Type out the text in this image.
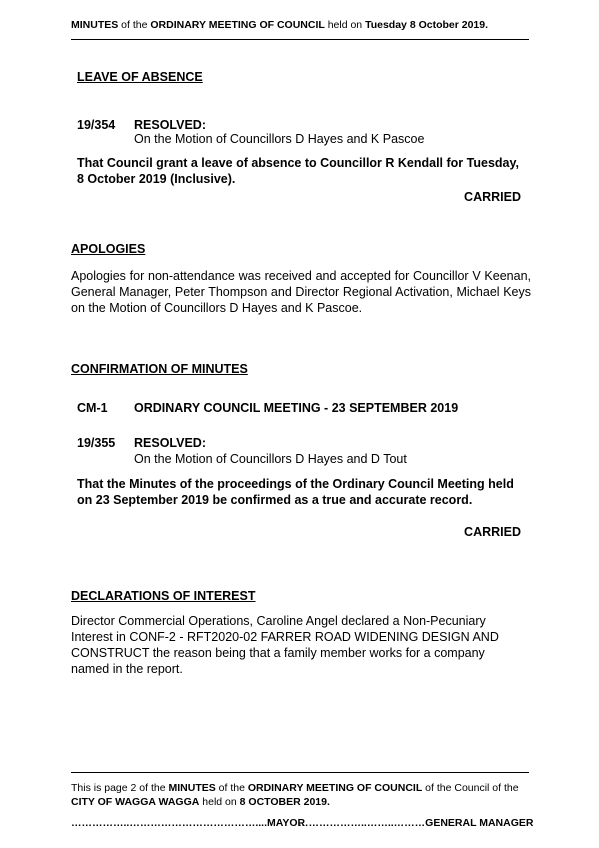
MINUTES of the ORDINARY MEETING OF COUNCIL held on Tuesday 8 October 2019.
LEAVE OF ABSENCE
19/354 RESOLVED:
On the Motion of Councillors D Hayes and K Pascoe
That Council grant a leave of absence to Councillor R Kendall for Tuesday, 8 October 2019 (Inclusive).
CARRIED
APOLOGIES
Apologies for non-attendance was received and accepted for Councillor V Keenan, General Manager, Peter Thompson and Director Regional Activation, Michael Keys on the Motion of Councillors D Hayes and K Pascoe.
CONFIRMATION OF MINUTES
CM-1 ORDINARY COUNCIL MEETING - 23 SEPTEMBER 2019
19/355 RESOLVED:
On the Motion of Councillors D Hayes and D Tout
That the Minutes of the proceedings of the Ordinary Council Meeting held on 23 September 2019 be confirmed as a true and accurate record.
CARRIED
DECLARATIONS OF INTEREST
Director Commercial Operations, Caroline Angel declared a Non-Pecuniary Interest in CONF-2 - RFT2020-02 FARRER ROAD WIDENING DESIGN AND CONSTRUCT the reason being that a family member works for a company named in the report.
This is page 2 of the MINUTES of the ORDINARY MEETING OF COUNCIL of the Council of the CITY OF WAGGA WAGGA held on 8 OCTOBER 2019.
……………..………………………………....MAYOR
………………..……..………GENERAL MANAGER
